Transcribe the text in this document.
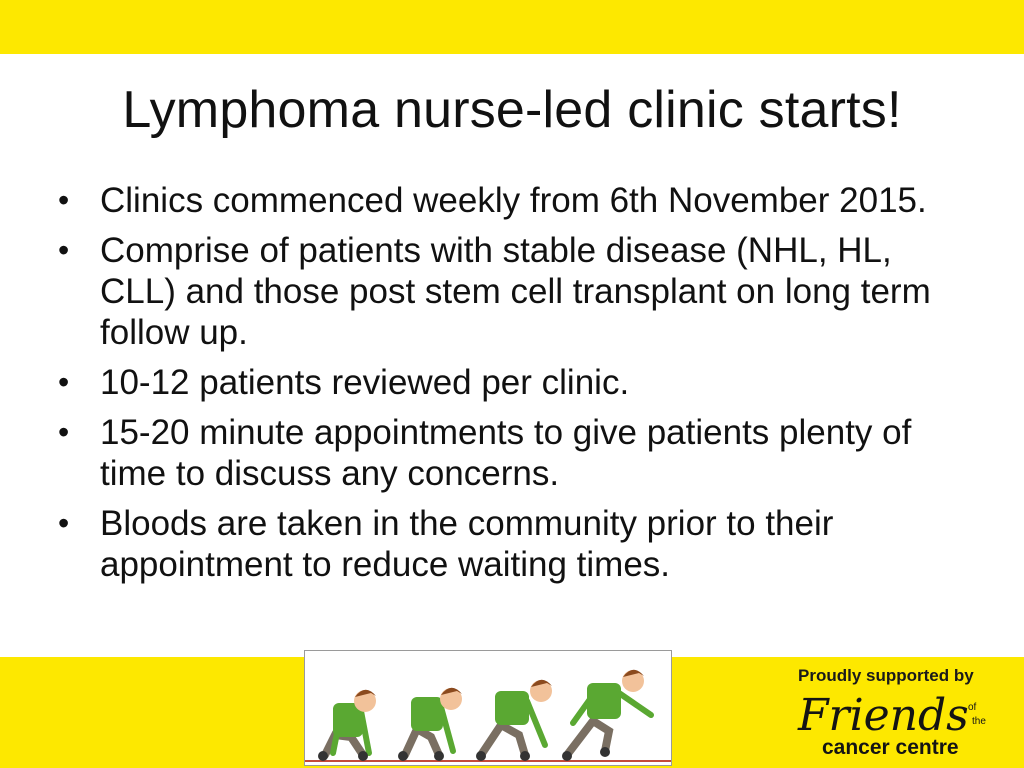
Lymphoma nurse-led clinic starts!
• Clinics commenced weekly from 6th November 2015.
• Comprise of patients with stable disease (NHL, HL, CLL) and those post stem cell transplant on long term follow up.
• 10-12 patients reviewed per clinic.
• 15-20 minute appointments to give patients plenty of time to discuss any concerns.
• Bloods are taken in the community prior to their appointment to reduce waiting times.
Proudly supported by
Friends of
the
cancer centre
